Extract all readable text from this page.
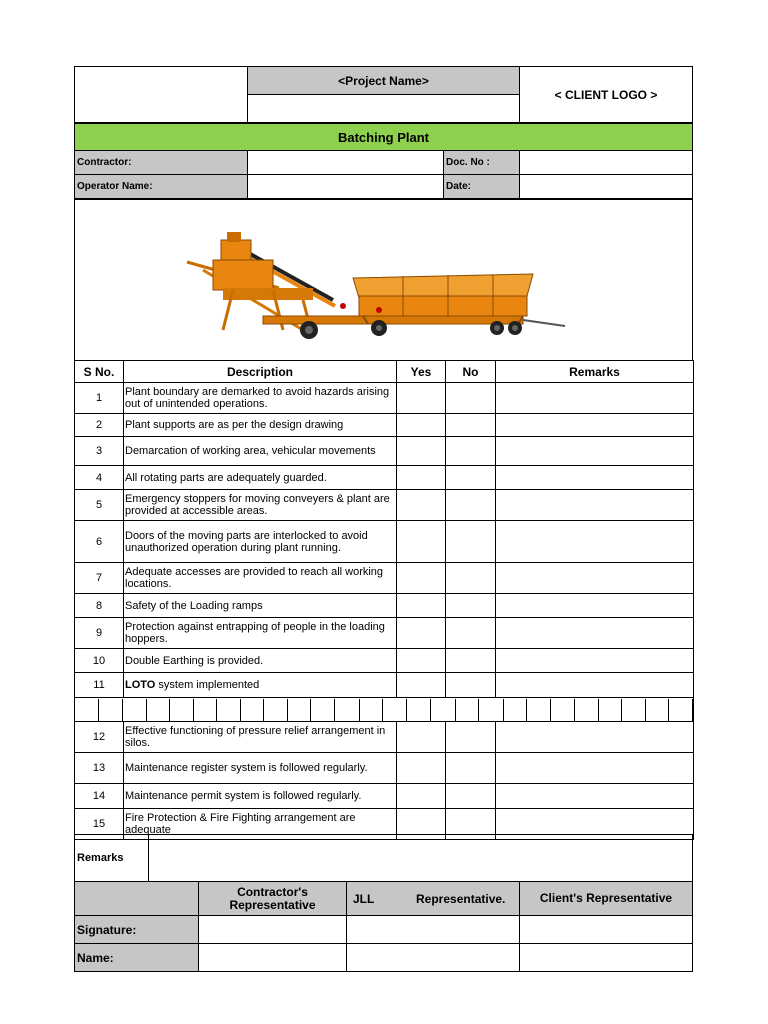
<Project Name>
< CLIENT LOGO >
Batching Plant
Contractor:	Doc. No :
Operator Name:	Date:
S No.	Description	Yes	No	Remarks
1	Plant boundary are demarked to avoid hazards arising out of unintended operations.			
2	Plant supports are as per the design drawing			
3	Demarcation of working area, vehicular movements			
4	All rotating parts are adequately guarded.			
5	Emergency stoppers for moving conveyers & plant are provided at accessible areas.			
6	Doors of the moving parts are interlocked to avoid unauthorized operation during plant running.			
7	Adequate accesses are provided to reach all working locations.			
8	Safety of the Loading ramps			
9	Protection against entrapping of people in the loading hoppers.			
10	Double Earthing is provided.			
11	LOTO system implemented			

12	Effective functioning of pressure relief arrangement in silos.			
13	Maintenance register system is followed regularly.			
14	Maintenance permit system is followed regularly.			
15	Fire Protection & Fire Fighting arrangement are adequate			
Remarks
Contractor's Representative	JLL	Representative.	Client's Representative
Signature:
Name:
